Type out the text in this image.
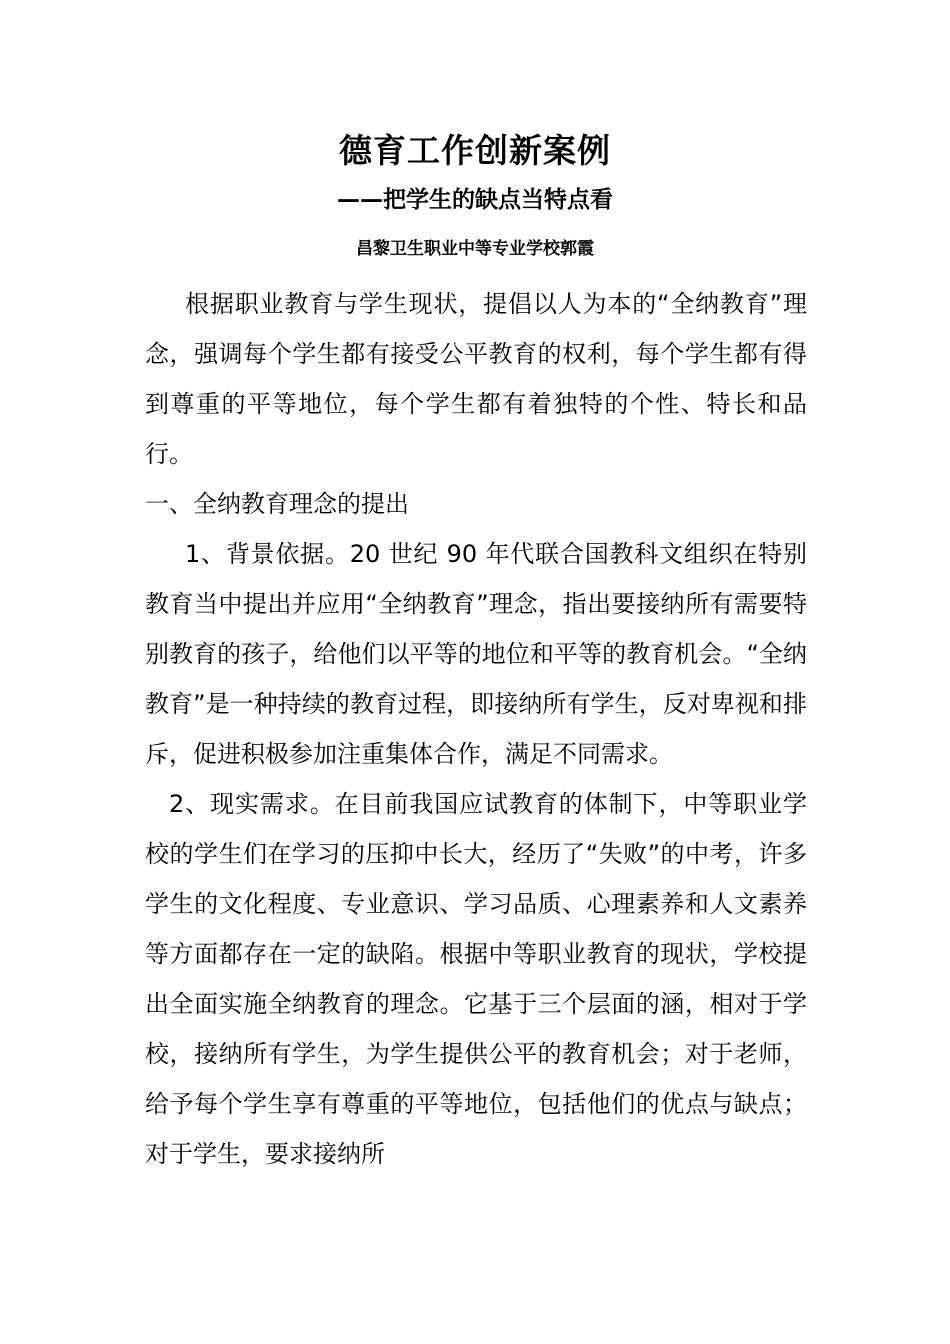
德育工作创新案例
——把学生的缺点当特点看
昌黎卫生职业中等专业学校郭霞

根据职业教育与学生现状，提倡以人为本的“全纳教育”理念，强调每个学生都有接受公平教育的权利，每个学生都有得到尊重的平等地位，每个学生都有着独特的个性、特长和品行。

一、全纳教育理念的提出

1、背景依据。20 世纪 90 年代联合国教科文组织在特别教育当中提出并应用“全纳教育”理念，指出要接纳所有需要特别教育的孩子，给他们以平等的地位和平等的教育机会。“全纳教育”是一种持续的教育过程，即接纳所有学生，反对卑视和排斥，促进积极参加注重集体合作，满足不同需求。

2、现实需求。在目前我国应试教育的体制下，中等职业学校的学生们在学习的压抑中长大，经历了“失败”的中考，许多学生的文化程度、专业意识、学习品质、心理素养和人文素养等方面都存在一定的缺陷。根据中等职业教育的现状，学校提出全面实施全纳教育的理念。它基于三个层面的涵，相对于学校，接纳所有学生，为学生提供公平的教育机会；对于老师，给予每个学生享有尊重的平等地位，包括他们的优点与缺点；对于学生，要求接纳所
